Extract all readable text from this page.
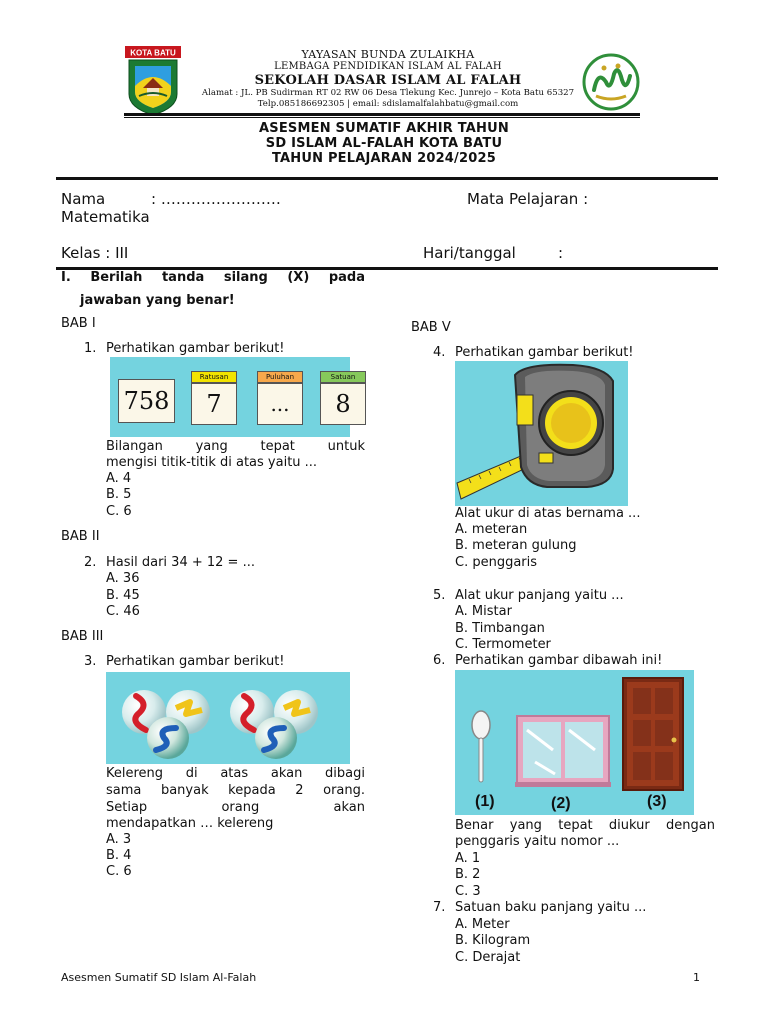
KOTA BATU	YAYASAN BUNDA ZULAIKHA
LEMBAGA PENDIDIKAN ISLAM AL FALAH
SEKOLAH DASAR ISLAM AL FALAH
Alamat : JL. PB Sudirman RT 02 RW 06 Desa Tlekung Kec. Junrejo – Kota Batu 65327
Telp.085186692305 | email: sdislamalfalahbatu@gmail.com
ASESMEN SUMATIF AKHIR TAHUN
SD ISLAM AL-FALAH KOTA BATU
TAHUN PELAJARAN 2024/2025
Nama	: ……………………	Mata Pelajaran :
Matematika
Kelas : III	Hari/tanggal	:
I. Berilah tanda silang (X) pada
jawaban yang benar!
BAB I
1. Perhatikan gambar berikut!
758
Ratusan
7
Puluhan
...
Satuan
8
Bilangan yang tepat untuk
mengisi titik-titik di atas yaitu ...
A. 4
B. 5
C. 6
BAB II
2. Hasil dari 34 + 12 = ...
A. 36
B. 45
C. 46
BAB III
3. Perhatikan gambar berikut!
Kelereng di atas akan dibagi
sama banyak kepada 2 orang.
Setiap orang akan
mendapatkan … kelereng
A. 3
B. 4
C. 6
BAB V
4. Perhatikan gambar berikut!
Alat ukur di atas bernama ...
A. meteran
B. meteran gulung
C. penggaris
5. Alat ukur panjang yaitu ...
A. Mistar
B. Timbangan
C. Termometer
6. Perhatikan gambar dibawah ini!
(1)	(2)	(3)
Benar yang tepat diukur dengan
penggaris yaitu nomor ...
A. 1
B. 2
C. 3
7. Satuan baku panjang yaitu ...
A. Meter
B. Kilogram
C. Derajat
Asesmen Sumatif SD Islam Al-Falah	1
